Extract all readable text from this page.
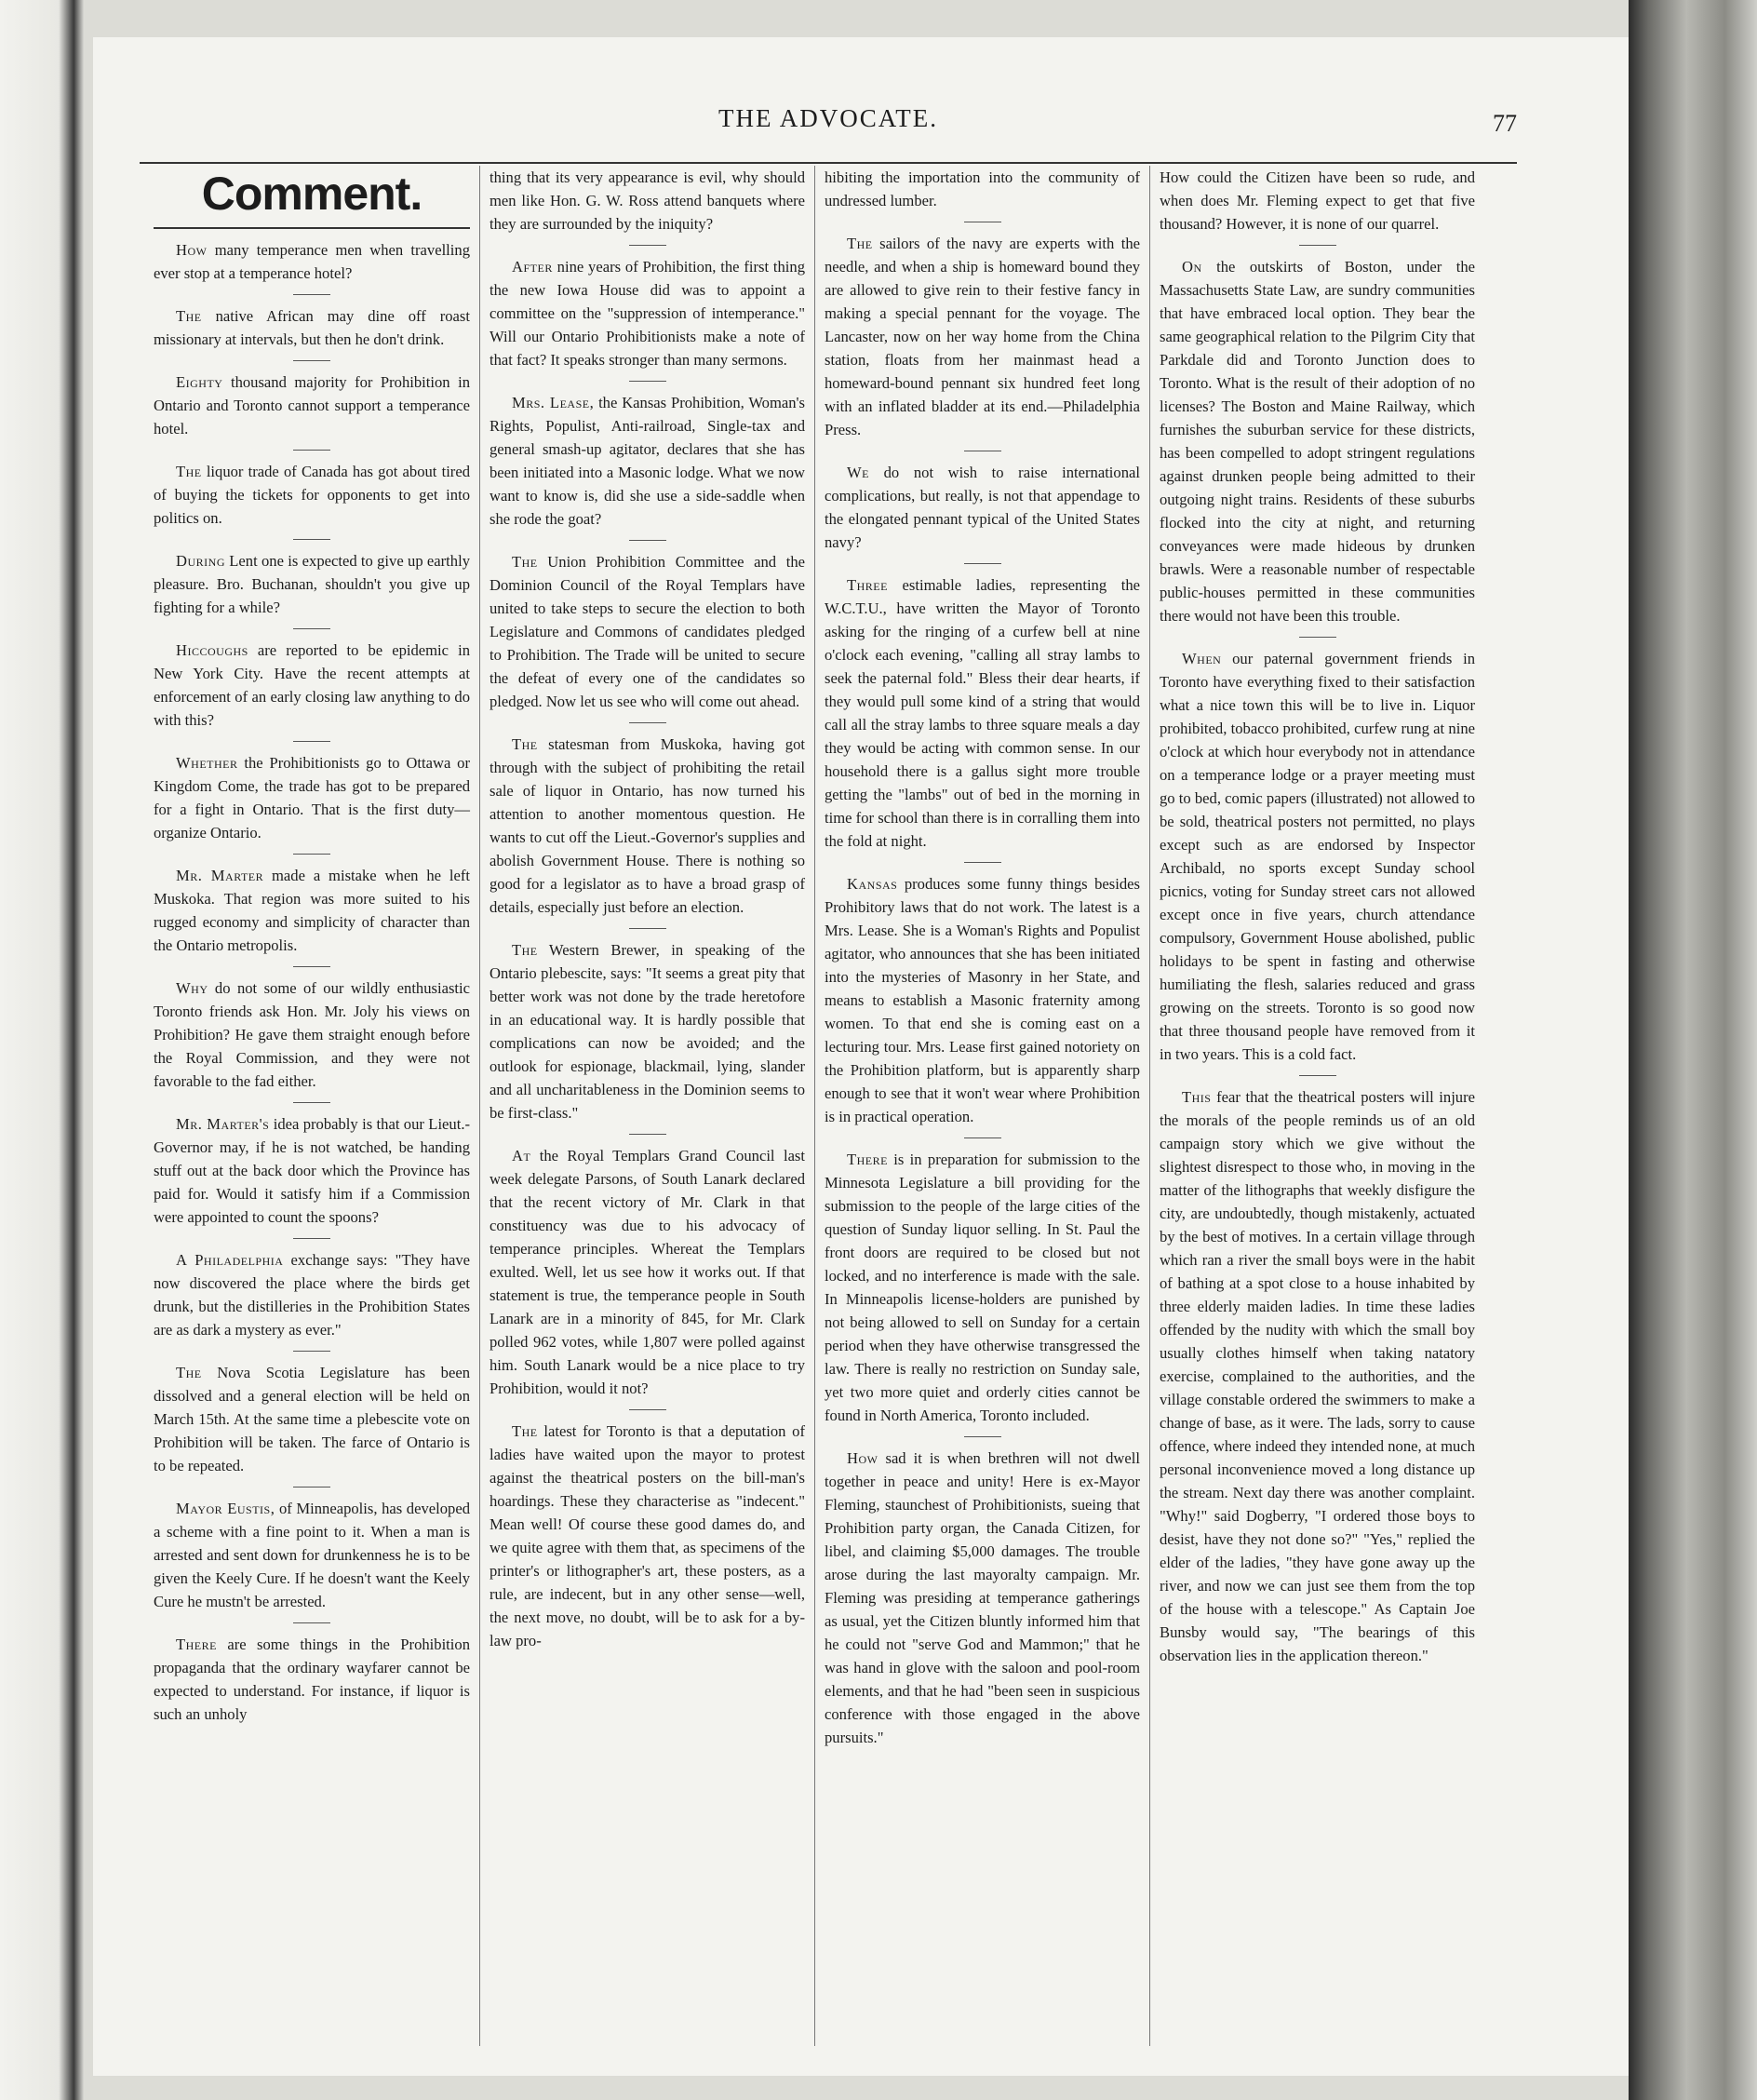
THE ADVOCATE.	77
Comment.

How many temperance men when travelling ever stop at a temperance hotel?

The native African may dine off roast missionary at intervals, but then he don't drink.

Eighty thousand majority for Prohibition in Ontario and Toronto cannot support a temperance hotel.

The liquor trade of Canada has got about tired of buying the tickets for opponents to get into politics on.

During Lent one is expected to give up earthly pleasure. Bro. Buchanan, shouldn't you give up fighting for a while?

Hiccoughs are reported to be epidemic in New York City. Have the recent attempts at enforcement of an early closing law anything to do with this?

Whether the Prohibitionists go to Ottawa or Kingdom Come, the trade has got to be prepared for a fight in Ontario. That is the first duty—organize Ontario.

Mr. Marter made a mistake when he left Muskoka. That region was more suited to his rugged economy and simplicity of character than the Ontario metropolis.

Why do not some of our wildly enthusiastic Toronto friends ask Hon. Mr. Joly his views on Prohibition? He gave them straight enough before the Royal Commission, and they were not favorable to the fad either.

Mr. Marter's idea probably is that our Lieut.-Governor may, if he is not watched, be handing stuff out at the back door which the Province has paid for. Would it satisfy him if a Commission were appointed to count the spoons?

A Philadelphia exchange says: "They have now discovered the place where the birds get drunk, but the distilleries in the Prohibition States are as dark a mystery as ever."

The Nova Scotia Legislature has been dissolved and a general election will be held on March 15th. At the same time a plebescite vote on Prohibition will be taken. The farce of Ontario is to be repeated.

Mayor Eustis, of Minneapolis, has developed a scheme with a fine point to it. When a man is arrested and sent down for drunkenness he is to be given the Keely Cure. If he doesn't want the Keely Cure he mustn't be arrested.

There are some things in the Prohibition propaganda that the ordinary wayfarer cannot be expected to understand. For instance, if liquor is such an unholy

thing that its very appearance is evil, why should men like Hon. G. W. Ross attend banquets where they are surrounded by the iniquity?

After nine years of Prohibition, the first thing the new Iowa House did was to appoint a committee on the "suppression of intemperance." Will our Ontario Prohibitionists make a note of that fact? It speaks stronger than many sermons.

Mrs. Lease, the Kansas Prohibition, Woman's Rights, Populist, Anti-railroad, Single-tax and general smash-up agitator, declares that she has been initiated into a Masonic lodge. What we now want to know is, did she use a side-saddle when she rode the goat?

The Union Prohibition Committee and the Dominion Council of the Royal Templars have united to take steps to secure the election to both Legislature and Commons of candidates pledged to Prohibition. The Trade will be united to secure the defeat of every one of the candidates so pledged. Now let us see who will come out ahead.

The statesman from Muskoka, having got through with the subject of prohibiting the retail sale of liquor in Ontario, has now turned his attention to another momentous question. He wants to cut off the Lieut.-Governor's supplies and abolish Government House. There is nothing so good for a legislator as to have a broad grasp of details, especially just before an election.

The Western Brewer, in speaking of the Ontario plebescite, says: "It seems a great pity that better work was not done by the trade heretofore in an educational way. It is hardly possible that complications can now be avoided; and the outlook for espionage, blackmail, lying, slander and all uncharitableness in the Dominion seems to be first-class."

At the Royal Templars Grand Council last week delegate Parsons, of South Lanark declared that the recent victory of Mr. Clark in that constituency was due to his advocacy of temperance principles. Whereat the Templars exulted. Well, let us see how it works out. If that statement is true, the temperance people in South Lanark are in a minority of 845, for Mr. Clark polled 962 votes, while 1,807 were polled against him. South Lanark would be a nice place to try Prohibition, would it not?

The latest for Toronto is that a deputation of ladies have waited upon the mayor to protest against the theatrical posters on the bill-man's hoardings. These they characterise as "indecent." Mean well! Of course these good dames do, and we quite agree with them that, as specimens of the printer's or lithographer's art, these posters, as a rule, are indecent, but in any other sense—well, the next move, no doubt, will be to ask for a by-law pro-

hibiting the importation into the community of undressed lumber.

The sailors of the navy are experts with the needle, and when a ship is homeward bound they are allowed to give rein to their festive fancy in making a special pennant for the voyage. The Lancaster, now on her way home from the China station, floats from her mainmast head a homeward-bound pennant six hundred feet long with an inflated bladder at its end.—Philadelphia Press.

We do not wish to raise international complications, but really, is not that appendage to the elongated pennant typical of the United States navy?

Three estimable ladies, representing the W.C.T.U., have written the Mayor of Toronto asking for the ringing of a curfew bell at nine o'clock each evening, "calling all stray lambs to seek the paternal fold." Bless their dear hearts, if they would pull some kind of a string that would call all the stray lambs to three square meals a day they would be acting with common sense. In our household there is a gallus sight more trouble getting the "lambs" out of bed in the morning in time for school than there is in corralling them into the fold at night.

Kansas produces some funny things besides Prohibitory laws that do not work. The latest is a Mrs. Lease. She is a Woman's Rights and Populist agitator, who announces that she has been initiated into the mysteries of Masonry in her State, and means to establish a Masonic fraternity among women. To that end she is coming east on a lecturing tour. Mrs. Lease first gained notoriety on the Prohibition platform, but is apparently sharp enough to see that it won't wear where Prohibition is in practical operation.

There is in preparation for submission to the Minnesota Legislature a bill providing for the submission to the people of the large cities of the question of Sunday liquor selling. In St. Paul the front doors are required to be closed but not locked, and no interference is made with the sale. In Minneapolis license-holders are punished by not being allowed to sell on Sunday for a certain period when they have otherwise transgressed the law. There is really no restriction on Sunday sale, yet two more quiet and orderly cities cannot be found in North America, Toronto included.

How sad it is when brethren will not dwell together in peace and unity! Here is ex-Mayor Fleming, staunchest of Prohibitionists, sueing that Prohibition party organ, the Canada Citizen, for libel, and claiming $5,000 damages. The trouble arose during the last mayoralty campaign. Mr. Fleming was presiding at temperance gatherings as usual, yet the Citizen bluntly informed him that he could not "serve God and Mammon;" that he was hand in glove with the saloon and pool-room elements, and that he had "been seen in suspicious conference with those engaged in the above pursuits."

How could the Citizen have been so rude, and when does Mr. Fleming expect to get that five thousand? However, it is none of our quarrel.

On the outskirts of Boston, under the Massachusetts State Law, are sundry communities that have embraced local option. They bear the same geographical relation to the Pilgrim City that Parkdale did and Toronto Junction does to Toronto. What is the result of their adoption of no licenses? The Boston and Maine Railway, which furnishes the suburban service for these districts, has been compelled to adopt stringent regulations against drunken people being admitted to their outgoing night trains. Residents of these suburbs flocked into the city at night, and returning conveyances were made hideous by drunken brawls. Were a reasonable number of respectable public-houses permitted in these communities there would not have been this trouble.

When our paternal government friends in Toronto have everything fixed to their satisfaction what a nice town this will be to live in. Liquor prohibited, tobacco prohibited, curfew rung at nine o'clock at which hour everybody not in attendance on a temperance lodge or a prayer meeting must go to bed, comic papers (illustrated) not allowed to be sold, theatrical posters not permitted, no plays except such as are endorsed by Inspector Archibald, no sports except Sunday school picnics, voting for Sunday street cars not allowed except once in five years, church attendance compulsory, Government House abolished, public holidays to be spent in fasting and otherwise humiliating the flesh, salaries reduced and grass growing on the streets. Toronto is so good now that three thousand people have removed from it in two years. This is a cold fact.

This fear that the theatrical posters will injure the morals of the people reminds us of an old campaign story which we give without the slightest disrespect to those who, in moving in the matter of the lithographs that weekly disfigure the city, are undoubtedly, though mistakenly, actuated by the best of motives. In a certain village through which ran a river the small boys were in the habit of bathing at a spot close to a house inhabited by three elderly maiden ladies. In time these ladies offended by the nudity with which the small boy usually clothes himself when taking natatory exercise, complained to the authorities, and the village constable ordered the swimmers to make a change of base, as it were. The lads, sorry to cause offence, where indeed they intended none, at much personal inconvenience moved a long distance up the stream. Next day there was another complaint. "Why!" said Dogberry, "I ordered those boys to desist, have they not done so?" "Yes," replied the elder of the ladies, "they have gone away up the river, and now we can just see them from the top of the house with a telescope." As Captain Joe Bunsby would say, "The bearings of this observation lies in the application thereon."
